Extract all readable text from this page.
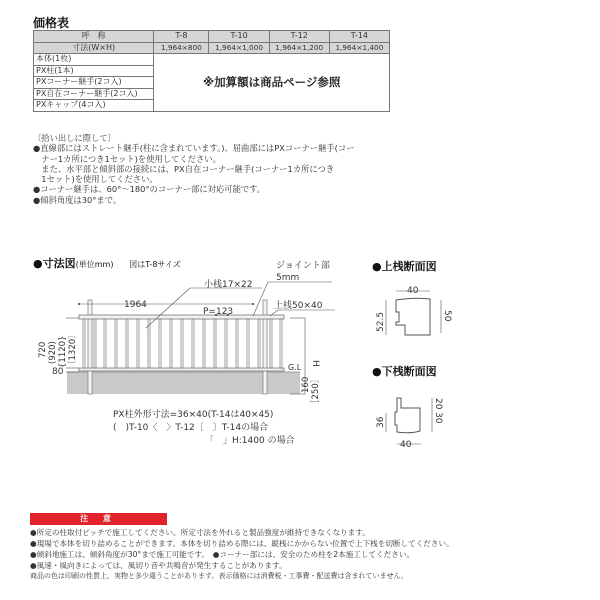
価格表
呼　称	T-8	T-10	T-12	T-14
寸法(W×H)	1,964×800	1,964×1,000	1,964×1,200	1,964×1,400
本体(1枚)	※加算額は商品ページ参照			
PX柱(1本)				
PXコーナー継手(2コ入)				
PX自在コーナー継手(2コ入)				
PXキャップ(4コ入)				
〔拾い出しに際して〕
●直線部にはストレート継手(柱に含まれています。)、屈曲部にはPXコーナー継手(コー
　ナー1カ所につき1セット)を使用してください。
　また、水平部と傾斜部の接続には、PX自在コーナー継手(コーナー1カ所につき
　1セット)を使用してください。
●コーナー継手は、60°〜180°のコーナー部に対応可能です。
●傾斜角度は30°まで。
●寸法図(単位mm) 図はT-8サイズ
1964
P=123
小桟17×22
ジョイント部
5mm
上桟50×40
G.L
80
H
160 ［250］
720 (920) {1120} 〔1320〕
PX柱外形寸法=36×40(T-14は40×45)
(　)T-10〈　〉T-12〔　〕T-14の場合
「　」H:1400 の場合
40
52.5	50
40
36
20
30
●上桟断面図
●下桟断面図
注 意
●所定の柱取付ピッチで施工してください。所定寸法を外れると製品強度が維持できなくなります。
●現場で本体を切り詰めることができます。本体を切り詰める際には、縦桟にかからない位置で上下桟を切断してください。
●傾斜地施工は、傾斜角度が30°まで施工可能です。　●コーナー部には、安全のため柱を2本施工してください。
●風速・風向きによっては、風切り音や共鳴音が発生することがあります。
商品の色は印刷の性質上、実物と多少違うことがあります。表示価格には消費税・工事費・配送費は含まれていません。
